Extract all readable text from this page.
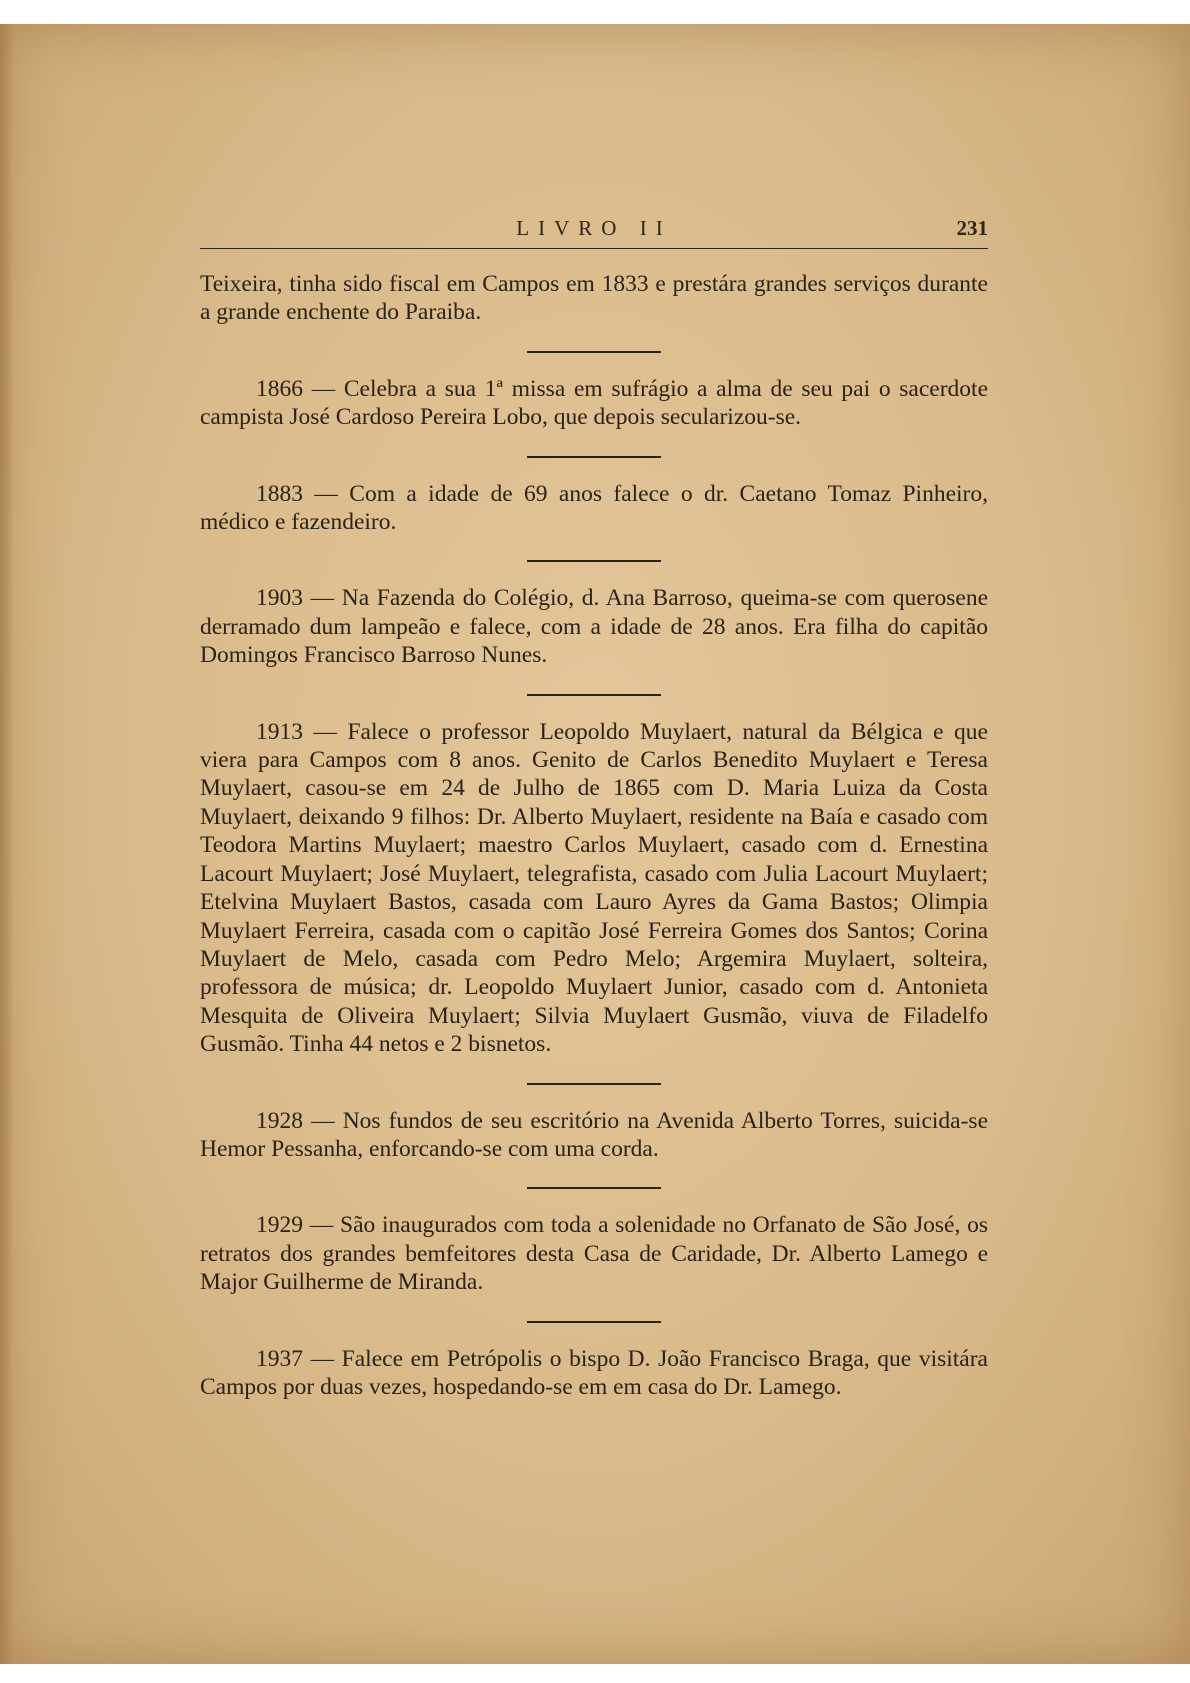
LIVRO II	231

Teixeira, tinha sido fiscal em Campos em 1833 e prestára grandes serviços durante a grande enchente do Paraiba.

1866 — Celebra a sua 1ª missa em sufrágio a alma de seu pai o sacerdote campista José Cardoso Pereira Lobo, que depois secularizou-se.

1883 — Com a idade de 69 anos falece o dr. Caetano Tomaz Pinheiro, médico e fazendeiro.

1903 — Na Fazenda do Colégio, d. Ana Barroso, queima-se com querosene derramado dum lampeão e falece, com a idade de 28 anos. Era filha do capitão Domingos Francisco Barroso Nunes.

1913 — Falece o professor Leopoldo Muylaert, natural da Bélgica e que viera para Campos com 8 anos. Genito de Carlos Benedito Muylaert e Teresa Muylaert, casou-se em 24 de Julho de 1865 com D. Maria Luiza da Costa Muylaert, deixando 9 filhos: Dr. Alberto Muylaert, residente na Baía e casado com Teodora Martins Muylaert; maestro Carlos Muylaert, casado com d. Ernestina Lacourt Muylaert; José Muylaert, telegrafista, casado com Julia Lacourt Muylaert; Etelvina Muylaert Bastos, casada com Lauro Ayres da Gama Bastos; Olimpia Muylaert Ferreira, casada com o capitão José Ferreira Gomes dos Santos; Corina Muylaert de Melo, casada com Pedro Melo; Argemira Muylaert, solteira, professora de música; dr. Leopoldo Muylaert Junior, casado com d. Antonieta Mesquita de Oliveira Muylaert; Silvia Muylaert Gusmão, viuva de Filadelfo Gusmão. Tinha 44 netos e 2 bisnetos.

1928 — Nos fundos de seu escritório na Avenida Alberto Torres, suicida-se Hemor Pessanha, enforcando-se com uma corda.

1929 — São inaugurados com toda a solenidade no Orfanato de São José, os retratos dos grandes bemfeitores desta Casa de Caridade, Dr. Alberto Lamego e Major Guilherme de Miranda.

1937 — Falece em Petrópolis o bispo D. João Francisco Braga, que visitára Campos por duas vezes, hospedando-se em em casa do Dr. Lamego.
